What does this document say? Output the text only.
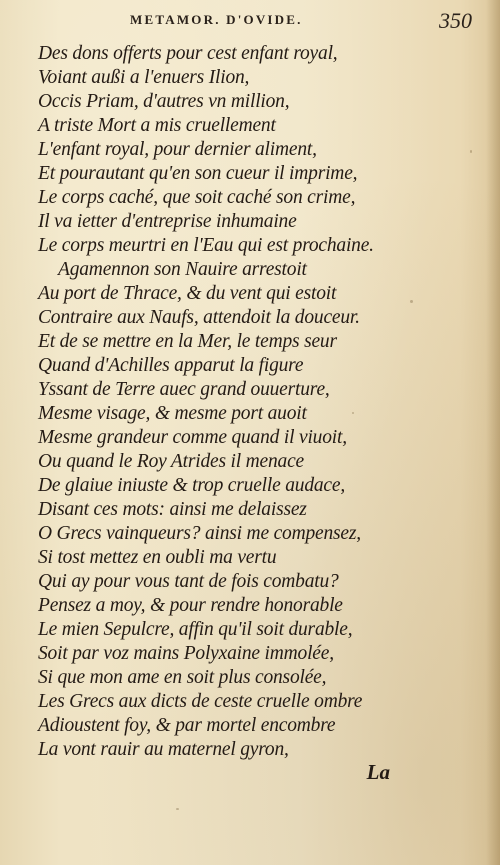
METAMOR. D'OVIDE.	350
Des dons offerts pour cest enfant royal,
Voiant außi a l'enuers Ilion,
Occis Priam, d'autres vn million,
A triste Mort a mis cruellement
L'enfant royal, pour dernier aliment,
Et pourautant qu'en son cueur il imprime,
Le corps caché, que soit caché son crime,
Il va ietter d'entreprise inhumaine
Le corps meurtri en l'Eau qui est prochaine.
Agamennon son Nauire arrestoit
Au port de Thrace, & du vent qui estoit
Contraire aux Naufs, attendoit la douceur.
Et de se mettre en la Mer, le temps seur
Quand d'Achilles apparut la figure
Yssant de Terre auec grand ouuerture,
Mesme visage, & mesme port auoit
Mesme grandeur comme quand il viuoit,
Ou quand le Roy Atrides il menace
De glaiue iniuste & trop cruelle audace,
Disant ces mots: ainsi me delaissez
O Grecs vainqueurs? ainsi me compensez,
Si tost mettez en oubli ma vertu
Qui ay pour vous tant de fois combatu?
Pensez a moy, & pour rendre honorable
Le mien Sepulcre, affin qu'il soit durable,
Soit par voz mains Polyxaine immolée,
Si que mon ame en soit plus consolée,
Les Grecs aux dicts de ceste cruelle ombre
Adioustent foy, & par mortel encombre
La vont rauir au maternel gyron,
La
